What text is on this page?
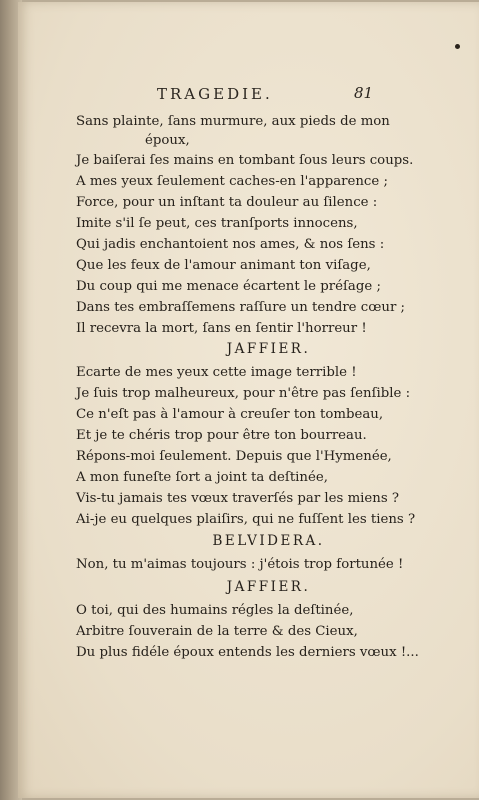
TRAGEDIE.	81
Sans plainte, ſans murmure, aux pieds de mon
époux,
Je baiſerai ſes mains en tombant ſous leurs coups.
A mes yeux ſeulement caches-en l'apparence ;
Force, pour un inſtant ta douleur au ſilence :
Imite s'il ſe peut, ces tranſports innocens,
Qui jadis enchantoient nos ames, & nos ſens :
Que les feux de l'amour animant ton viſage,
Du coup qui me menace écartent le préſage ;
Dans tes embraſſemens raſſure un tendre cœur ;
Il recevra la mort, ſans en ſentir l'horreur !
JAFFIER.
Ecarte de mes yeux cette image terrible !
Je ſuis trop malheureux, pour n'être pas ſenſible :
Ce n'eſt pas à l'amour à creuſer ton tombeau,
Et je te chéris trop pour être ton bourreau.
Répons-moi ſeulement. Depuis que l'Hymenée,
A mon funeſte ſort a joint ta deſtinée,
Vis-tu jamais tes vœux traverſés par les miens ?
Ai-je eu quelques plaiſirs, qui ne fuſſent les tiens ?
BELVIDERA.
Non, tu m'aimas toujours : j'étois trop fortunée !
JAFFIER.
O toi, qui des humains régles la deſtinée,
Arbitre ſouverain de la terre & des Cieux,
Du plus fidéle époux entends les derniers vœux !...
